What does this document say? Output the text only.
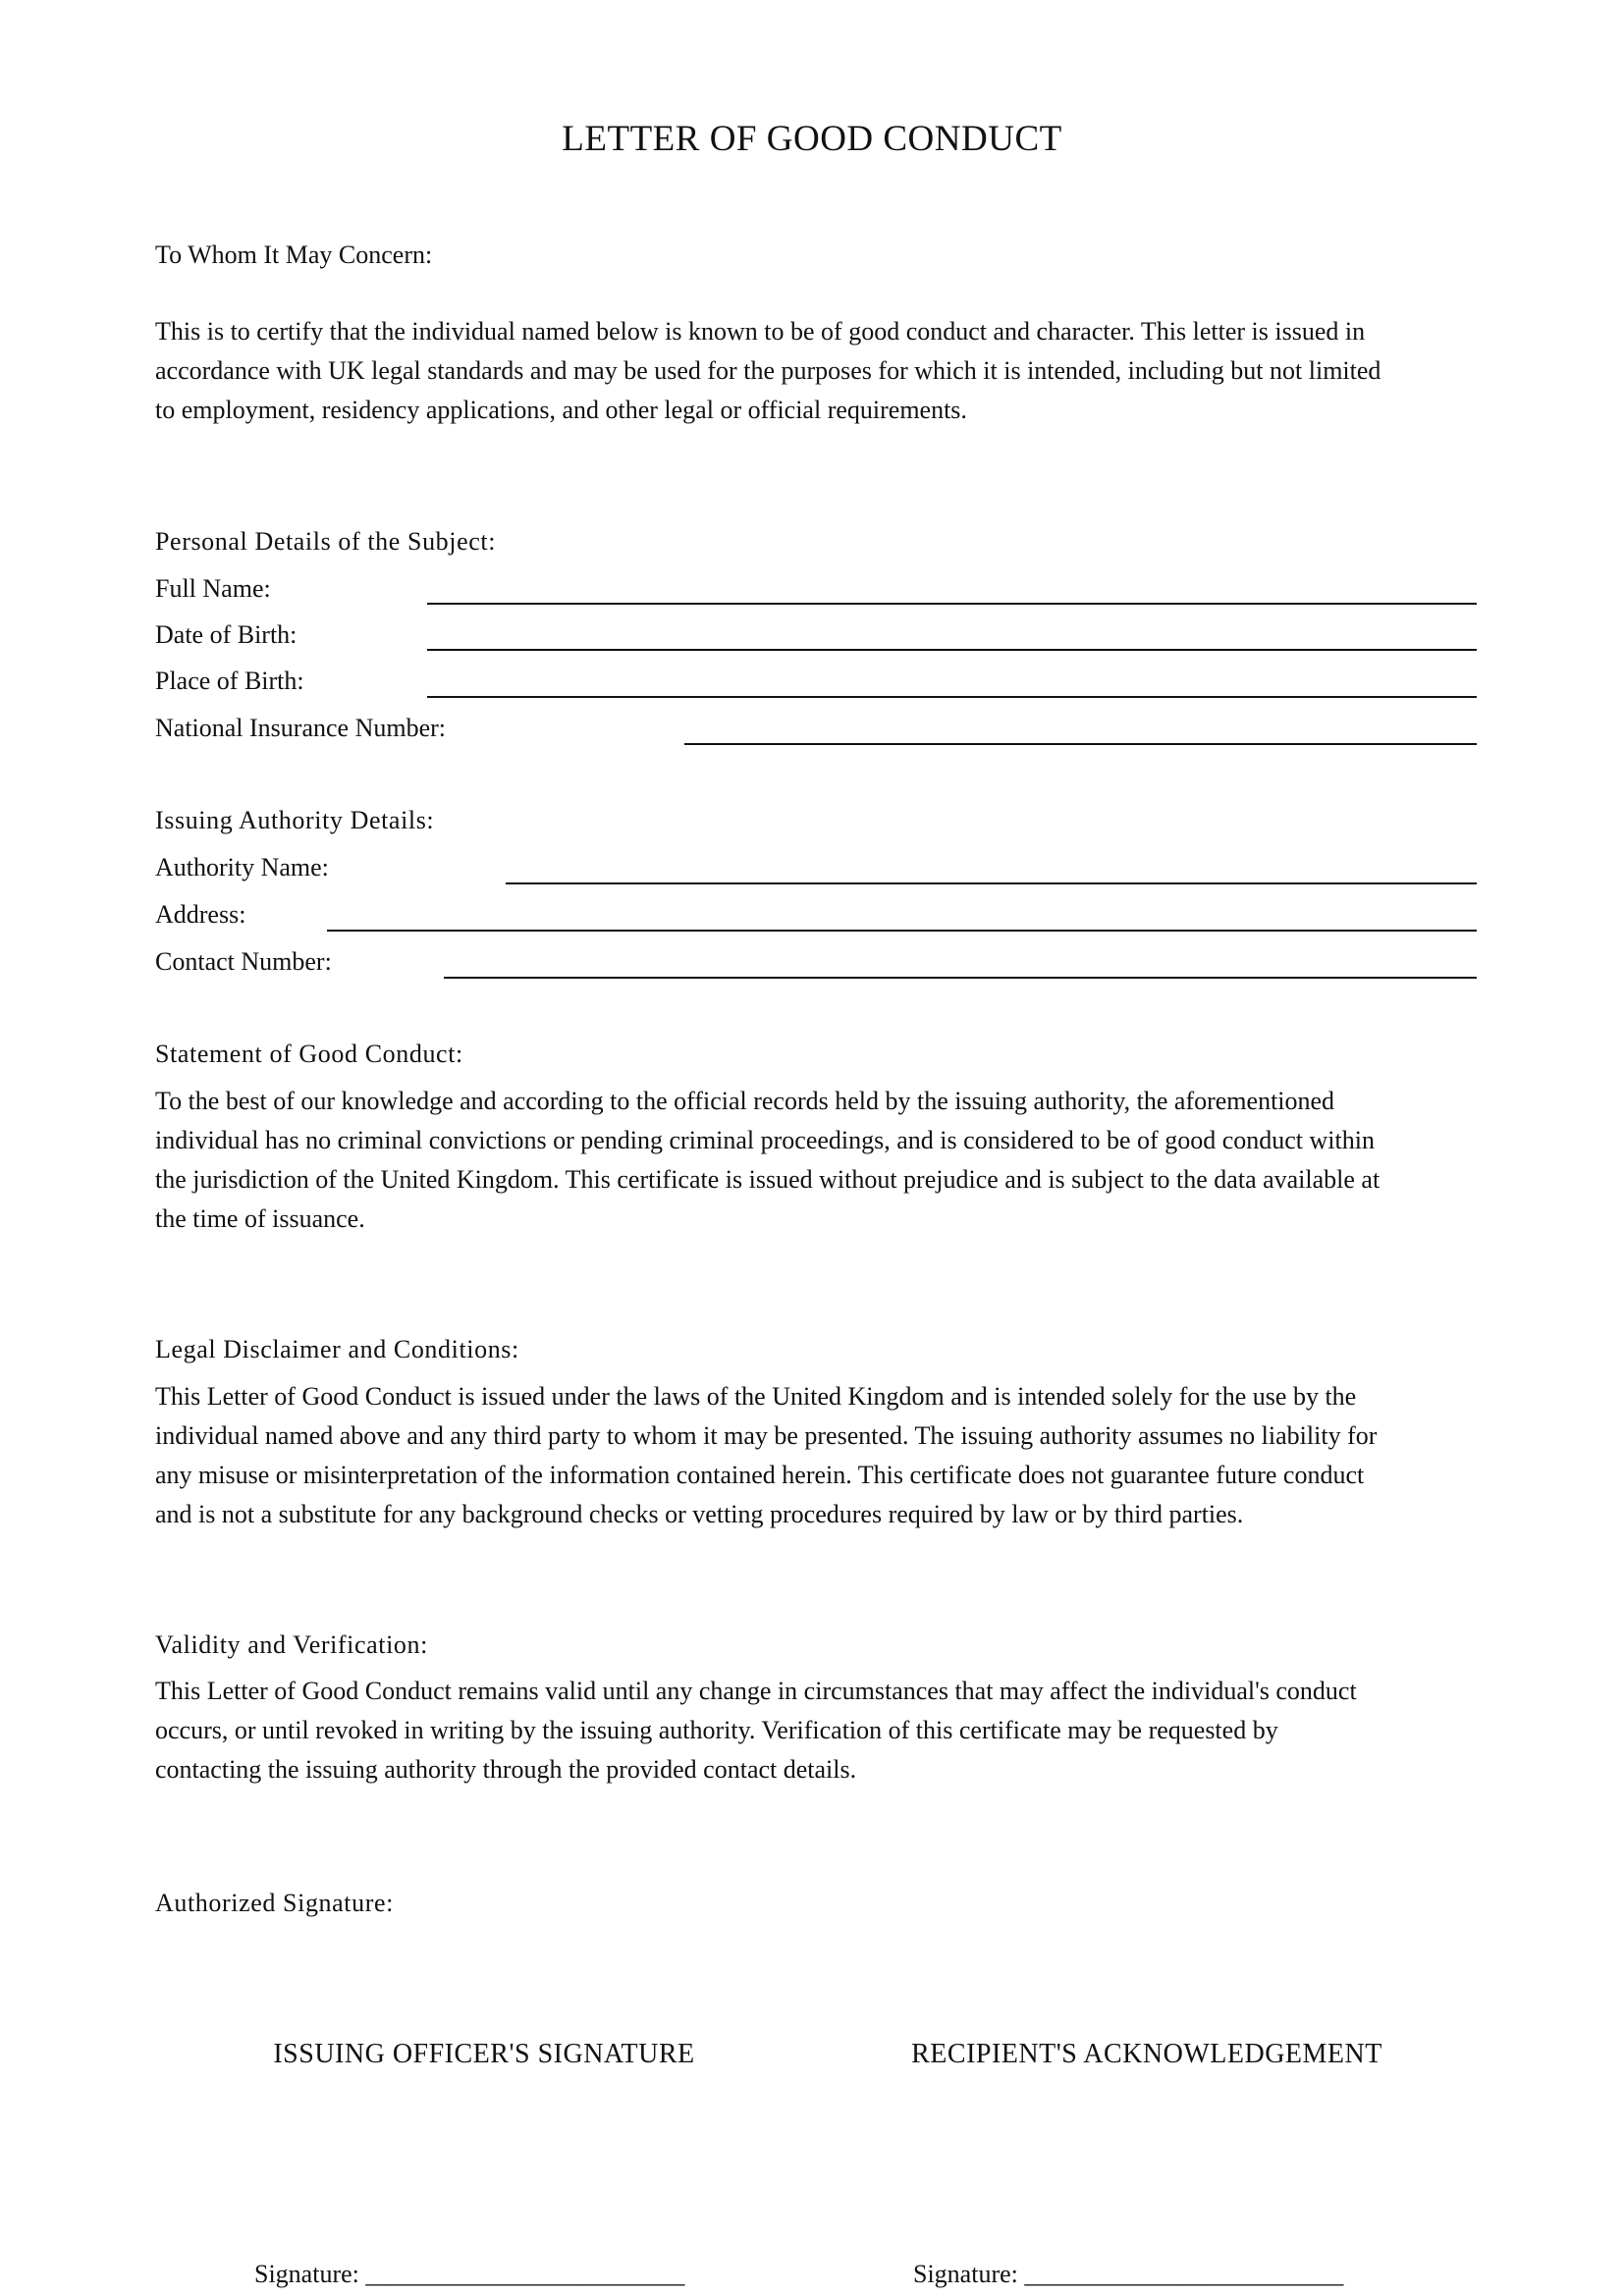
LETTER OF GOOD CONDUCT

To Whom It May Concern:

This is to certify that the individual named below is known to be of good conduct and character. This letter is issued in
accordance with UK legal standards and may be used for the purposes for which it is intended, including but not limited
to employment, residency applications, and other legal or official requirements.

Personal Details of the Subject:

Full Name:

Date of Birth:

Place of Birth:

National Insurance Number:

Issuing Authority Details:

Authority Name:

Address:

Contact Number:

Statement of Good Conduct:

To the best of our knowledge and according to the official records held by the issuing authority, the aforementioned
individual has no criminal convictions or pending criminal proceedings, and is considered to be of good conduct within
the jurisdiction of the United Kingdom. This certificate is issued without prejudice and is subject to the data available at
the time of issuance.

Legal Disclaimer and Conditions:

This Letter of Good Conduct is issued under the laws of the United Kingdom and is intended solely for the use by the
individual named above and any third party to whom it may be presented. The issuing authority assumes no liability for
any misuse or misinterpretation of the information contained herein. This certificate does not guarantee future conduct
and is not a substitute for any background checks or vetting procedures required by law or by third parties.

Validity and Verification:

This Letter of Good Conduct remains valid until any change in circumstances that may affect the individual's conduct
occurs, or until revoked in writing by the issuing authority. Verification of this certificate may be requested by
contacting the issuing authority through the provided contact details.

Authorized Signature:

ISSUING OFFICER'S SIGNATURE	RECIPIENT'S ACKNOWLEDGEMENT

Signature: _________________________	Signature: _________________________
